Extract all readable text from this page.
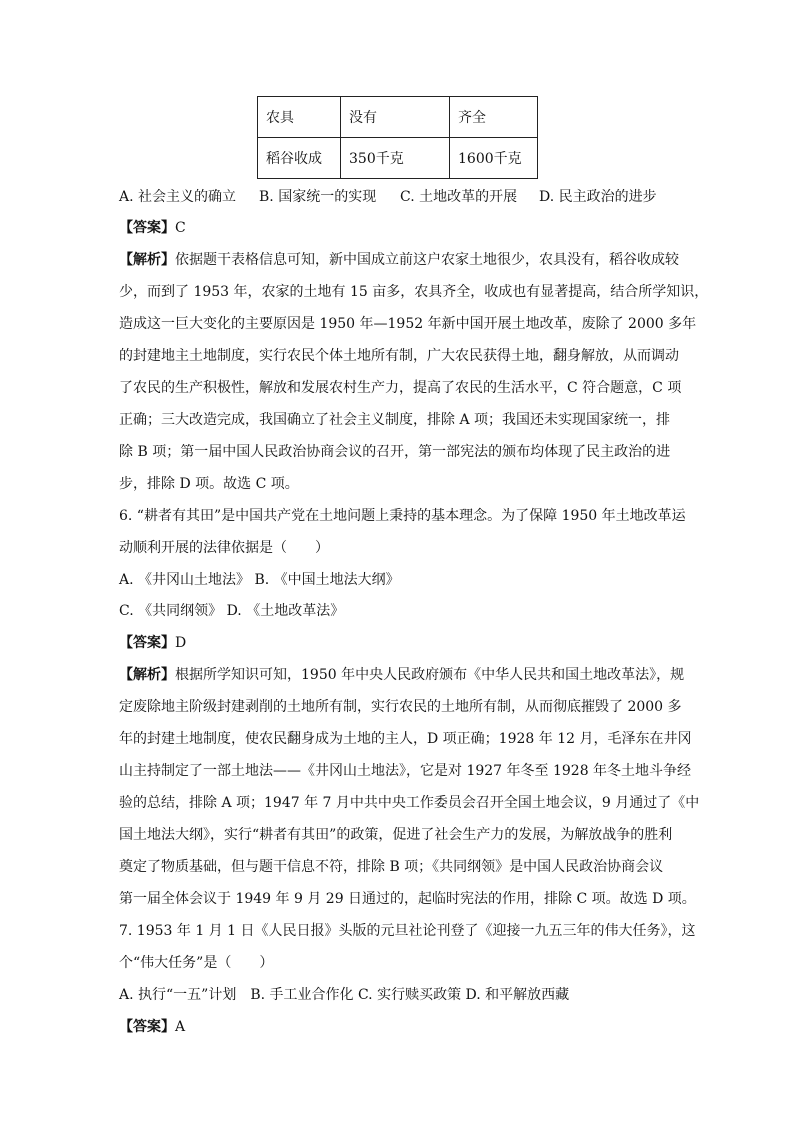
农具	没有	齐全
稻谷收成	350千克	1600千克
A. 社会主义的确立 B. 国家统一的实现 C. 土地改革的开展 D. 民主政治的进步
【答案】C
【解析】依据题干表格信息可知，新中国成立前这户农家土地很少，农具没有，稻谷收成较
少，而到了 1953 年，农家的土地有 15 亩多，农具齐全，收成也有显著提高，结合所学知识，
造成这一巨大变化的主要原因是 1950 年—1952 年新中国开展土地改革，废除了 2000 多年
的封建地主土地制度，实行农民个体土地所有制，广大农民获得土地，翻身解放，从而调动
了农民的生产积极性，解放和发展农村生产力，提高了农民的生活水平，C 符合题意，C 项
正确；三大改造完成，我国确立了社会主义制度，排除 A 项；我国还未实现国家统一，排
除 B 项；第一届中国人民政治协商会议的召开，第一部宪法的颁布均体现了民主政治的进
步，排除 D 项。故选 C 项。
6. “耕者有其田”是中国共产党在土地问题上秉持的基本理念。为了保障 1950 年土地改革运
动顺利开展的法律依据是（　　）
A. 《井冈山土地法》 B. 《中国土地法大纲》
C. 《共同纲领》 D. 《土地改革法》
【答案】D
【解析】根据所学知识可知，1950 年中央人民政府颁布《中华人民共和国土地改革法》，规
定废除地主阶级封建剥削的土地所有制，实行农民的土地所有制，从而彻底摧毁了 2000 多
年的封建土地制度，使农民翻身成为土地的主人，D 项正确；1928 年 12 月，毛泽东在井冈
山主持制定了一部土地法——《井冈山土地法》，它是对 1927 年冬至 1928 年冬土地斗争经
验的总结，排除 A 项；1947 年 7 月中共中央工作委员会召开全国土地会议，9 月通过了《中
国土地法大纲》，实行“耕者有其田”的政策，促进了社会生产力的发展，为解放战争的胜利
奠定了物质基础，但与题干信息不符，排除 B 项；《共同纲领》是中国人民政治协商会议
第一届全体会议于 1949 年 9 月 29 日通过的，起临时宪法的作用，排除 C 项。故选 D 项。
7. 1953 年 1 月 1 日《人民日报》头版的元旦社论刊登了《迎接一九五三年的伟大任务》，这
个“伟大任务”是（　　）
A. 执行“一五”计划　B. 手工业合作化 C. 实行赎买政策 D. 和平解放西藏
【答案】A
